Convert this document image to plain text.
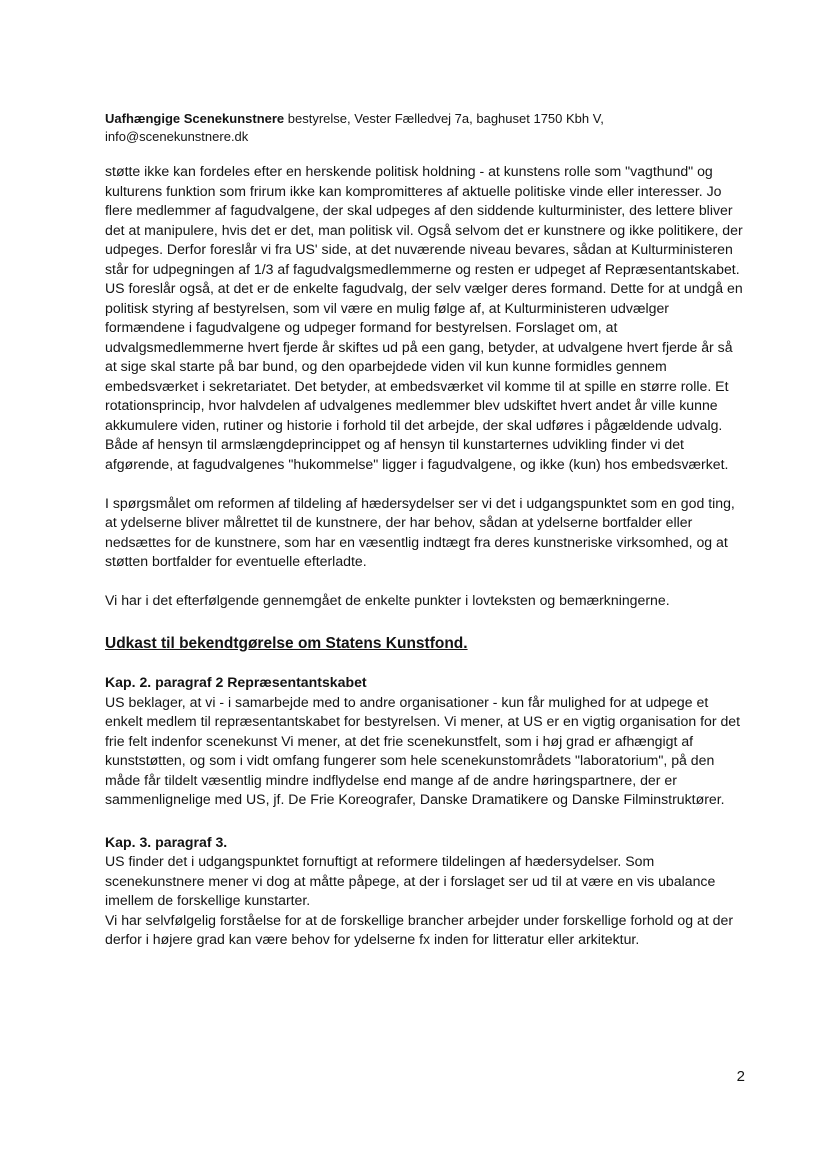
Uafhængige Scenekunstnere bestyrelse, Vester Fælledvej 7a, baghuset 1750 Kbh V,
info@scenekunstnere.dk

støtte ikke kan fordeles efter en herskende politisk holdning - at kunstens rolle som "vagthund" og kulturens funktion som frirum ikke kan kompromitteres af aktuelle politiske vinde eller interesser. Jo flere medlemmer af fagudvalgene, der skal udpeges af den siddende kulturminister, des lettere bliver det at manipulere, hvis det er det, man politisk vil. Også selvom det er kunstnere og ikke politikere, der udpeges. Derfor foreslår vi fra US' side, at det nuværende niveau bevares, sådan at Kulturministeren står for udpegningen af 1/3 af fagudvalgsmedlemmerne og resten er udpeget af Repræsentantskabet. US foreslår også, at det er de enkelte fagudvalg, der selv vælger deres formand. Dette for at undgå en politisk styring af bestyrelsen, som vil være en mulig følge af, at Kulturministeren udvælger formændene i fagudvalgene og udpeger formand for bestyrelsen. Forslaget om, at udvalgsmedlemmerne hvert fjerde år skiftes ud på een gang, betyder, at udvalgene hvert fjerde år så at sige skal starte på bar bund, og den oparbejdede viden vil kun kunne formidles gennem embedsværket i sekretariatet. Det betyder, at embedsværket vil komme til at spille en større rolle. Et rotationsprincip, hvor halvdelen af udvalgenes medlemmer blev udskiftet hvert andet år ville kunne akkumulere viden, rutiner og historie i forhold til det arbejde, der skal udføres i pågældende udvalg. Både af hensyn til armslængdeprincippet og af hensyn til kunstarternes udvikling finder vi det afgørende, at fagudvalgenes "hukommelse" ligger i fagudvalgene, og ikke (kun) hos embedsværket.

I spørgsmålet om reformen af tildeling af hædersydelser ser vi det i udgangspunktet som en god ting, at ydelserne bliver målrettet til de kunstnere, der har behov, sådan at ydelserne bortfalder eller nedsættes for de kunstnere, som har en væsentlig indtægt fra deres kunstneriske virksomhed, og at støtten bortfalder for eventuelle efterladte.

Vi har i det efterfølgende gennemgået de enkelte punkter i lovteksten og bemærkningerne.

Udkast til bekendtgørelse om Statens Kunstfond.

Kap. 2. paragraf 2 Repræsentantskabet

US beklager, at vi - i samarbejde med to andre organisationer - kun får mulighed for at udpege et enkelt medlem til repræsentantskabet for bestyrelsen. Vi mener, at US er en vigtig organisation for det frie felt indenfor scenekunst Vi mener, at det frie scenekunstfelt, som i høj grad er afhængigt af kunststøtten, og som i vidt omfang fungerer som hele scenekunstområdets "laboratorium", på den måde får tildelt væsentlig mindre indflydelse end mange af de andre høringspartnere, der er sammenlignelige med US, jf. De Frie Koreografer, Danske Dramatikere og Danske Filminstruktører.

Kap. 3. paragraf 3.

US finder det i udgangspunktet fornuftigt at reformere tildelingen af hædersydelser. Som scenekunstnere mener vi dog at måtte påpege, at der i forslaget ser ud til at være en vis ubalance imellem de forskellige kunstarter.

Vi har selvfølgelig forståelse for at de forskellige brancher arbejder under forskellige forhold og at der derfor i højere grad kan være behov for ydelserne fx inden for litteratur eller arkitektur.

2
